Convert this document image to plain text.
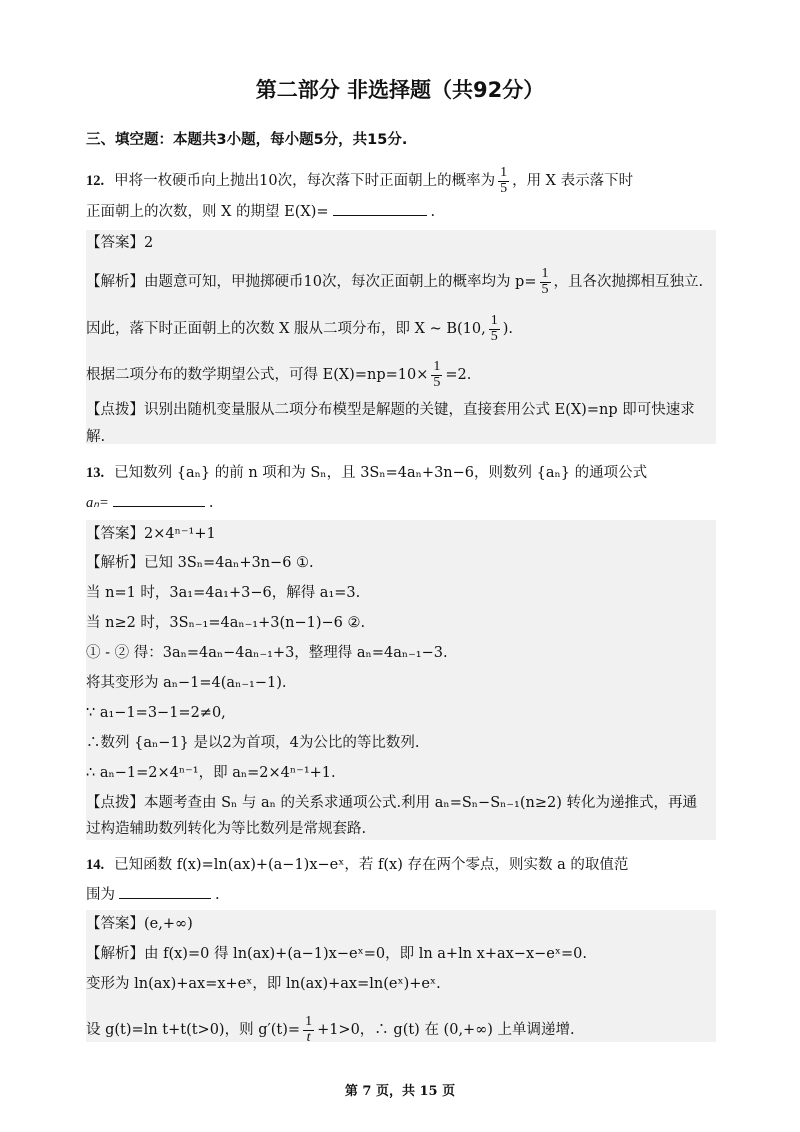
第二部分 非选择题（共92分）
三、填空题：本题共3小题，每小题5分，共15分.
12. 甲将一枚硬币向上抛出10次，每次落下时正面朝上的概率为 $\frac{1}{5}$ ，用 X 表示落下时
正面朝上的次数，则 X 的期望 E(X)=	.
【答案】2
【解析】由题意可知，甲抛掷硬币10次，每次正面朝上的概率均为 $p= \frac{1}{5}$ ，且各次抛掷相互独立.
因此，落下时正面朝上的次数 X 服从二项分布，即 X ~ B(10, $\frac{1}{5}$ ).
根据二项分布的数学期望公式，可得 $E(X)=np=10\times \frac{1}{5} =2$.
【点拨】识别出随机变量服从二项分布模型是解题的关键，直接套用公式 E(X)=np 即可快速求
解.
13. 已知数列 {aₙ} 的前 n 项和为 Sₙ，且 3Sₙ=4aₙ+3n−6，则数列 {aₙ} 的通项公式
aₙ=	.
【答案】2×4ⁿ⁻¹+1
【解析】已知 3Sₙ=4aₙ+3n−6 ①.
当 n=1 时，3a₁=4a₁+3−6，解得 a₁=3.
当 n≥2 时，3Sₙ₋₁=4aₙ₋₁+3(n−1)−6 ②.
① - ② 得：3aₙ=4aₙ−4aₙ₋₁+3，整理得 aₙ=4aₙ₋₁−3.
将其变形为 aₙ−1=4(aₙ₋₁−1).
∵ a₁−1=3−1=2≠0,
∴数列 {aₙ−1} 是以2为首项，4为公比的等比数列.
∴ aₙ−1=2×4ⁿ⁻¹，即 aₙ=2×4ⁿ⁻¹+1.
【点拨】本题考查由 Sₙ 与 aₙ 的关系求通项公式.利用 aₙ=Sₙ−Sₙ₋₁(n≥2) 转化为递推式，再通
过构造辅助数列转化为等比数列是常规套路.
14. 已知函数 f(x)=ln(ax)+(a−1)x−eˣ，若 f(x) 存在两个零点，则实数 a 的取值范
围为	.
【答案】(e,+∞)
【解析】由 f(x)=0 得 ln(ax)+(a−1)x−eˣ=0，即 ln a+ln x+ax−x−eˣ=0.
变形为 ln(ax)+ax=x+eˣ，即 ln(ax)+ax=ln(eˣ)+eˣ.
设 g(t)=ln t+t(t>0)，则 $g'(t)= \frac{1}{t} +1>0$，∴ g(t) 在 (0,+∞) 上单调递增.
第 7 页，共 15 页
